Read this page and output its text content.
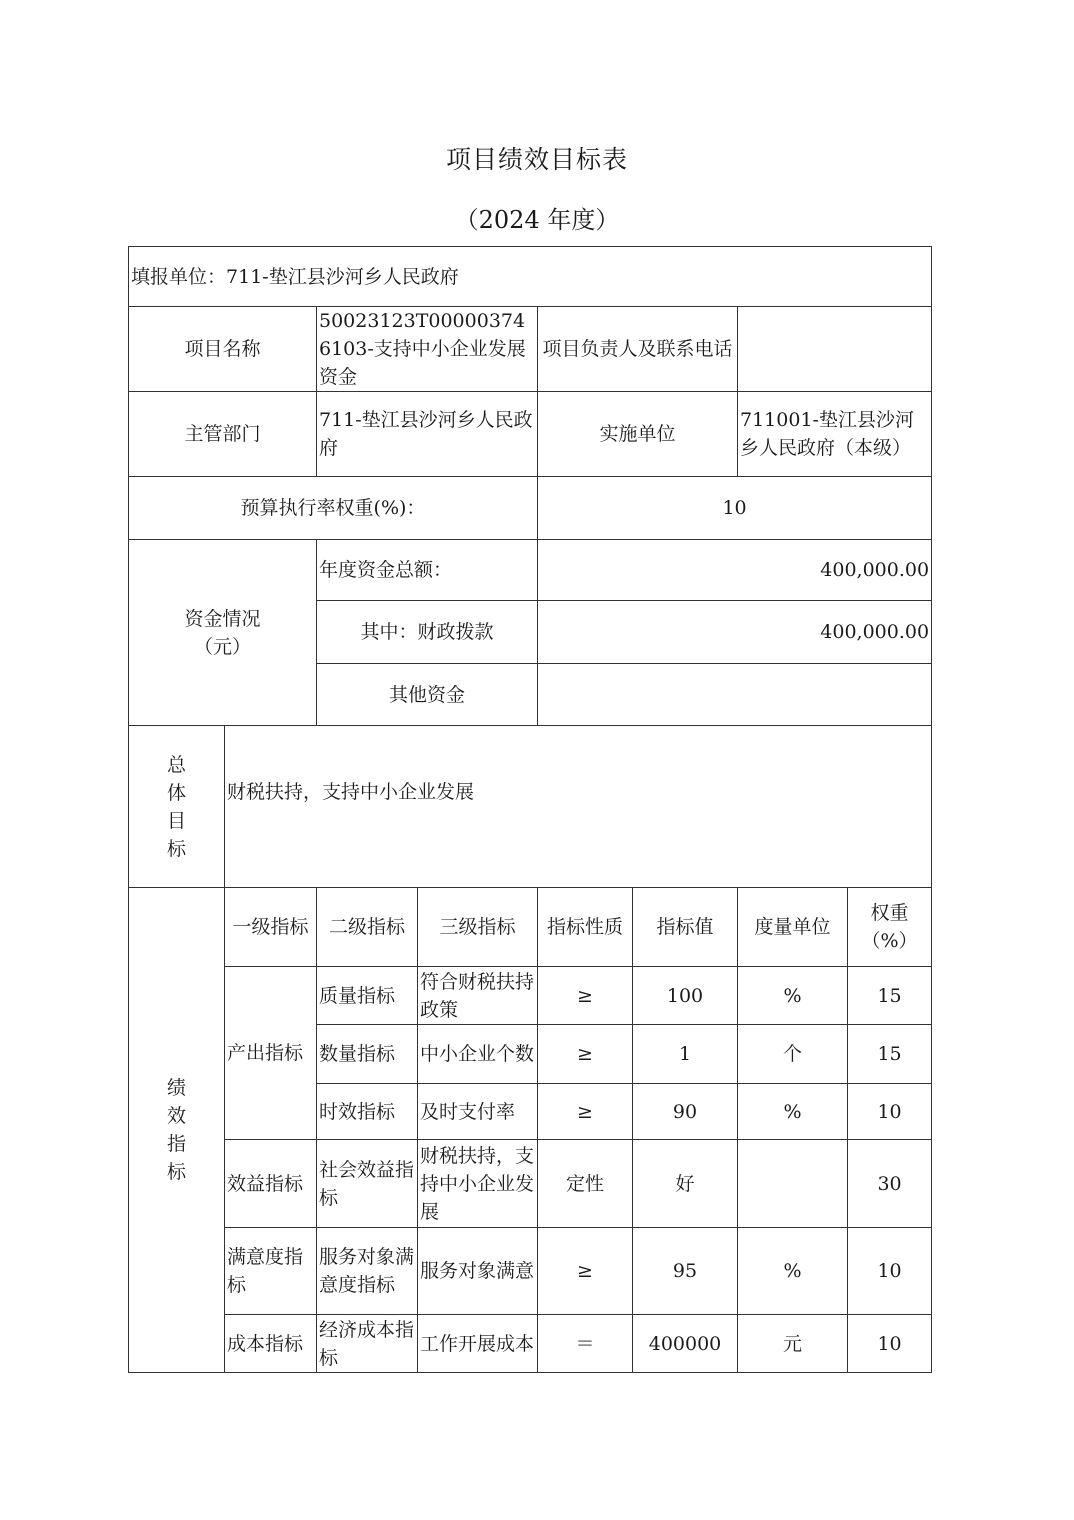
项目绩效目标表
（2024 年度）
填报单位：711-垫江县沙河乡人民政府							
项目名称		50023123T000003746103-支持中小企业发展资金		项目负责人及联系电话			
主管部门		711-垫江县沙河乡人民政府		实施单位		711001-垫江县沙河乡人民政府（本级）	
预算执行率权重(%)：				10			

资金情况
（元）		年度资金总额：		400,000.00			
		其中：财政拨款		400,000.00			
		其他资金					

总
体
目
标	财税扶持，支持中小企业发展						

绩
效
指
标	一级指标	二级指标	三级指标	指标性质	指标值	度量单位	权重（%）
	产出指标	质量指标	符合财税扶持政策	≥	100	%	15
		数量指标	中小企业个数	≥	1	个	15
		时效指标	及时支付率	≥	90	%	10
	效益指标	社会效益指标	财税扶持，支持中小企业发展	定性	好		30
	满意度指标	服务对象满意度指标	服务对象满意	≥	95	%	10
	成本指标	经济成本指标	工作开展成本	＝	400000	元	10
